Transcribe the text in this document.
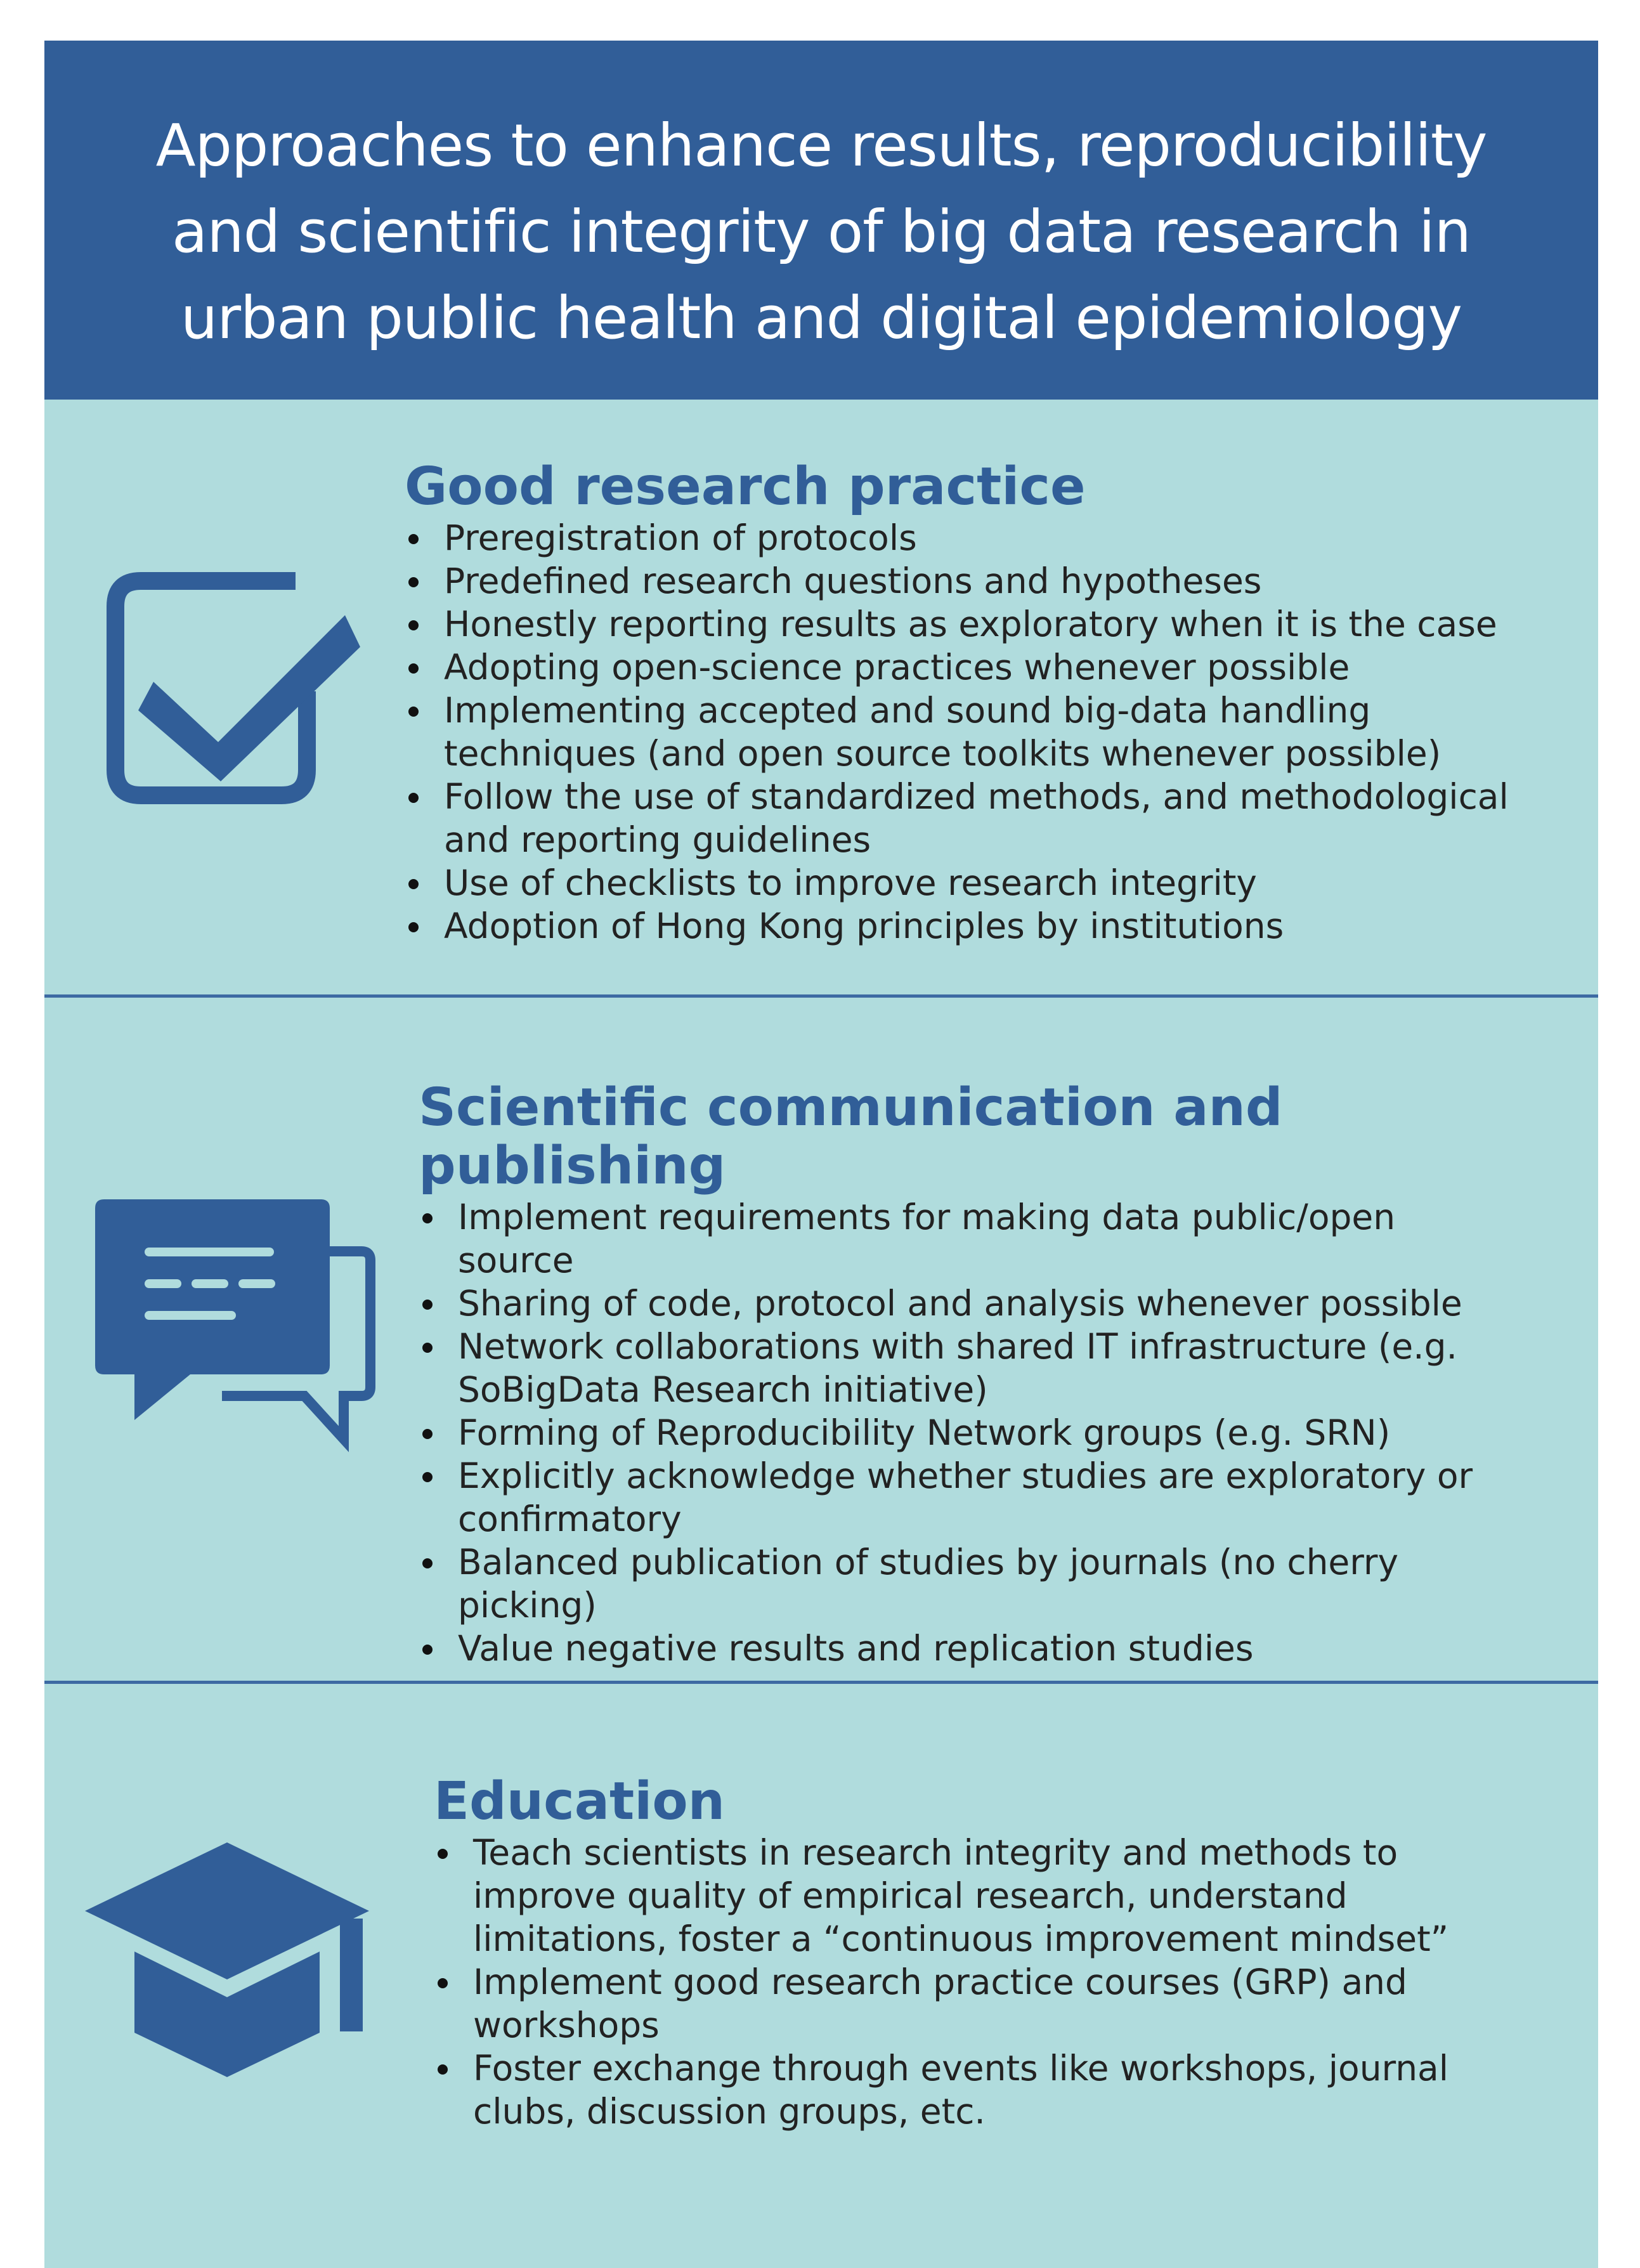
Approaches to enhance results, reproducibility
and scientific integrity of big data research in
urban public health and digital epidemiology
Good research practice
Preregistration of protocols
Predefined research questions and hypotheses
Honestly reporting results as exploratory when it is the case
Adopting open-science practices whenever possible
Implementing accepted and sound big-data handling
techniques (and open source toolkits whenever possible)
Follow the use of standardized methods, and methodological
and reporting guidelines
Use of checklists to improve research integrity
Adoption of Hong Kong principles by institutions
Scientific communication and
publishing
Implement requirements for making data public/open
source
Sharing of code, protocol and analysis whenever possible
Network collaborations with shared IT infrastructure (e.g.
SoBigData Research initiative)
Forming of Reproducibility Network groups (e.g. SRN)
Explicitly acknowledge whether studies are exploratory or
confirmatory
Balanced publication of studies by journals (no cherry
picking)
Value negative results and replication studies
Education
Teach scientists in research integrity and methods to
improve quality of empirical research, understand
limitations, foster a “continuous improvement mindset”
Implement good research practice courses (GRP) and
workshops
Foster exchange through events like workshops, journal
clubs, discussion groups, etc.
